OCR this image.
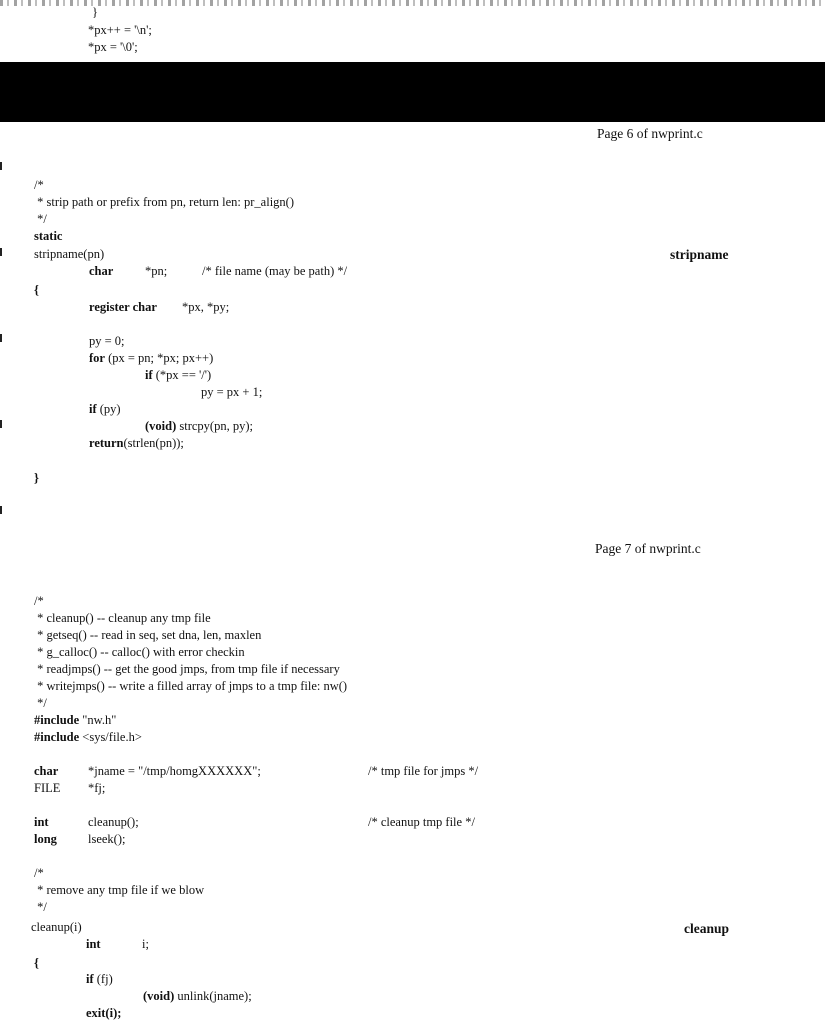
}
*px++ = '\n';
*px = '\0';
Page 6 of nwprint.c
/*
* strip path or prefix from pn, return len: pr_align()
*/
static
stripname(pn)	stripname
char	*pn;	/* file name (may be path) */
{
register char *px, *py;
py = 0;
for (px = pn; *px; px++)
if (*px == '/')
py = px + 1;
if (py)
(void) strcpy(pn, py);
return(strlen(pn));
}
Page 7 of nwprint.c
/*
* cleanup() -- cleanup any tmp file
* getseq() -- read in seq, set dna, len, maxlen
* g_calloc() -- calloc() with error checkin
* readjmps() -- get the good jmps, from tmp file if necessary
* writejmps() -- write a filled array of jmps to a tmp file: nw()
*/
#include "nw.h"
#include <sys/file.h>
char *jname = "/tmp/homgXXXXXX";	/* tmp file for jmps */
FILE *fj;
int	cleanup();	/* cleanup tmp file */
long lseek();
/*
* remove any tmp file if we blow
*/
cleanup(i)	cleanup
int	i;
{
if (fj)
(void) unlink(jname);
exit(i);
